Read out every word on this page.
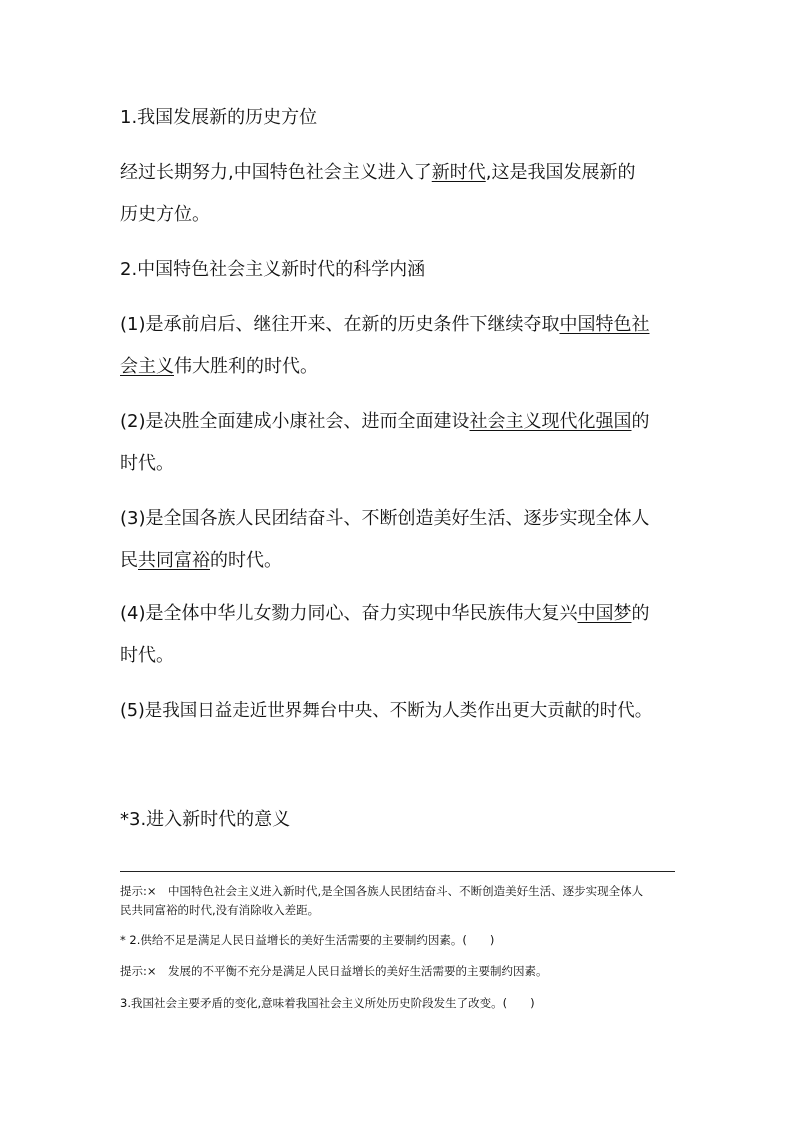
1.我国发展新的历史方位
经过长期努力,中国特色社会主义进入了新时代,这是我国发展新的
历史方位。
2.中国特色社会主义新时代的科学内涵
(1)是承前启后、继往开来、在新的历史条件下继续夺取中国特色社
会主义伟大胜利的时代。
(2)是决胜全面建成小康社会、进而全面建设社会主义现代化强国的
时代。
(3)是全国各族人民团结奋斗、不断创造美好生活、逐步实现全体人
民共同富裕的时代。
(4)是全体中华儿女勠力同心、奋力实现中华民族伟大复兴中国梦的
时代。
(5)是我国日益走近世界舞台中央、不断为人类作出更大贡献的时代。
*3.进入新时代的意义
提示:×　中国特色社会主义进入新时代,是全国各族人民团结奋斗、不断创造美好生活、逐步实现全体人
民共同富裕的时代,没有消除收入差距。
* 2.供给不足是满足人民日益增长的美好生活需要的主要制约因素。(　　)
提示:×　发展的不平衡不充分是满足人民日益增长的美好生活需要的主要制约因素。
3.我国社会主要矛盾的变化,意味着我国社会主义所处历史阶段发生了改变。(　　)
